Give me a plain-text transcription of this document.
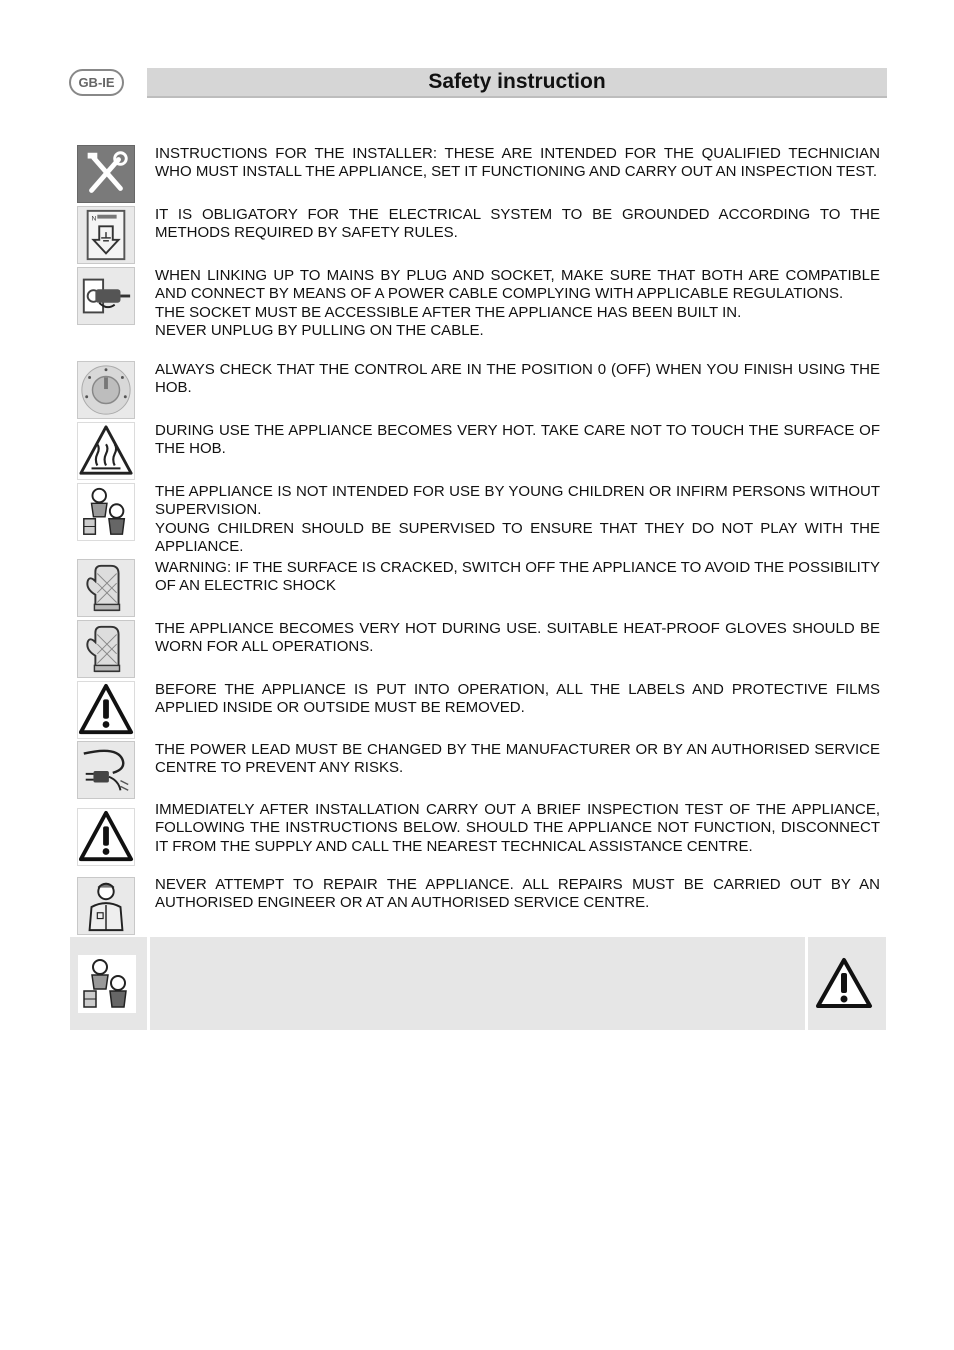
GB-IE	Safety instruction

INSTRUCTIONS FOR THE INSTALLER: THESE ARE INTENDED FOR THE QUALIFIED TECHNICIAN WHO MUST INSTALL THE APPLIANCE, SET IT FUNCTIONING AND CARRY OUT AN INSPECTION TEST.

N	IT IS OBLIGATORY FOR THE ELECTRICAL SYSTEM TO BE GROUNDED ACCORDING TO THE METHODS REQUIRED BY SAFETY RULES.

WHEN LINKING UP TO MAINS BY PLUG AND SOCKET, MAKE SURE THAT BOTH ARE COMPATIBLE AND CONNECT BY MEANS OF A POWER CABLE COMPLYING WITH APPLICABLE REGULATIONS.
THE SOCKET MUST BE ACCESSIBLE AFTER THE APPLIANCE HAS BEEN BUILT IN.
NEVER UNPLUG BY PULLING ON THE CABLE.

ALWAYS CHECK THAT THE CONTROL ARE IN THE POSITION 0 (OFF) WHEN YOU FINISH USING THE HOB.

DURING USE THE APPLIANCE BECOMES VERY HOT. TAKE CARE NOT TO TOUCH THE SURFACE OF THE HOB.

THE APPLIANCE IS NOT INTENDED FOR USE BY YOUNG CHILDREN OR INFIRM PERSONS WITHOUT SUPERVISION.
YOUNG CHILDREN SHOULD BE SUPERVISED TO ENSURE THAT THEY DO NOT PLAY WITH THE APPLIANCE.

WARNING: IF THE SURFACE IS CRACKED, SWITCH OFF THE APPLIANCE TO AVOID THE POSSIBILITY OF AN ELECTRIC SHOCK

THE APPLIANCE BECOMES VERY HOT DURING USE. SUITABLE HEAT-PROOF GLOVES SHOULD BE WORN FOR ALL OPERATIONS.

BEFORE THE APPLIANCE IS PUT INTO OPERATION, ALL THE LABELS AND PROTECTIVE FILMS APPLIED INSIDE OR OUTSIDE MUST BE REMOVED.

THE POWER LEAD MUST BE CHANGED BY THE MANUFACTURER OR BY AN AUTHORISED SERVICE CENTRE TO PREVENT ANY RISKS.

IMMEDIATELY AFTER INSTALLATION CARRY OUT A BRIEF INSPECTION TEST OF THE APPLIANCE, FOLLOWING THE INSTRUCTIONS BELOW. SHOULD THE APPLIANCE NOT FUNCTION, DISCONNECT IT FROM THE SUPPLY AND CALL THE NEAREST TECHNICAL ASSISTANCE CENTRE.

NEVER ATTEMPT TO REPAIR THE APPLIANCE. ALL REPAIRS MUST BE CARRIED OUT BY AN AUTHORISED ENGINEER OR AT AN AUTHORISED SERVICE CENTRE.
